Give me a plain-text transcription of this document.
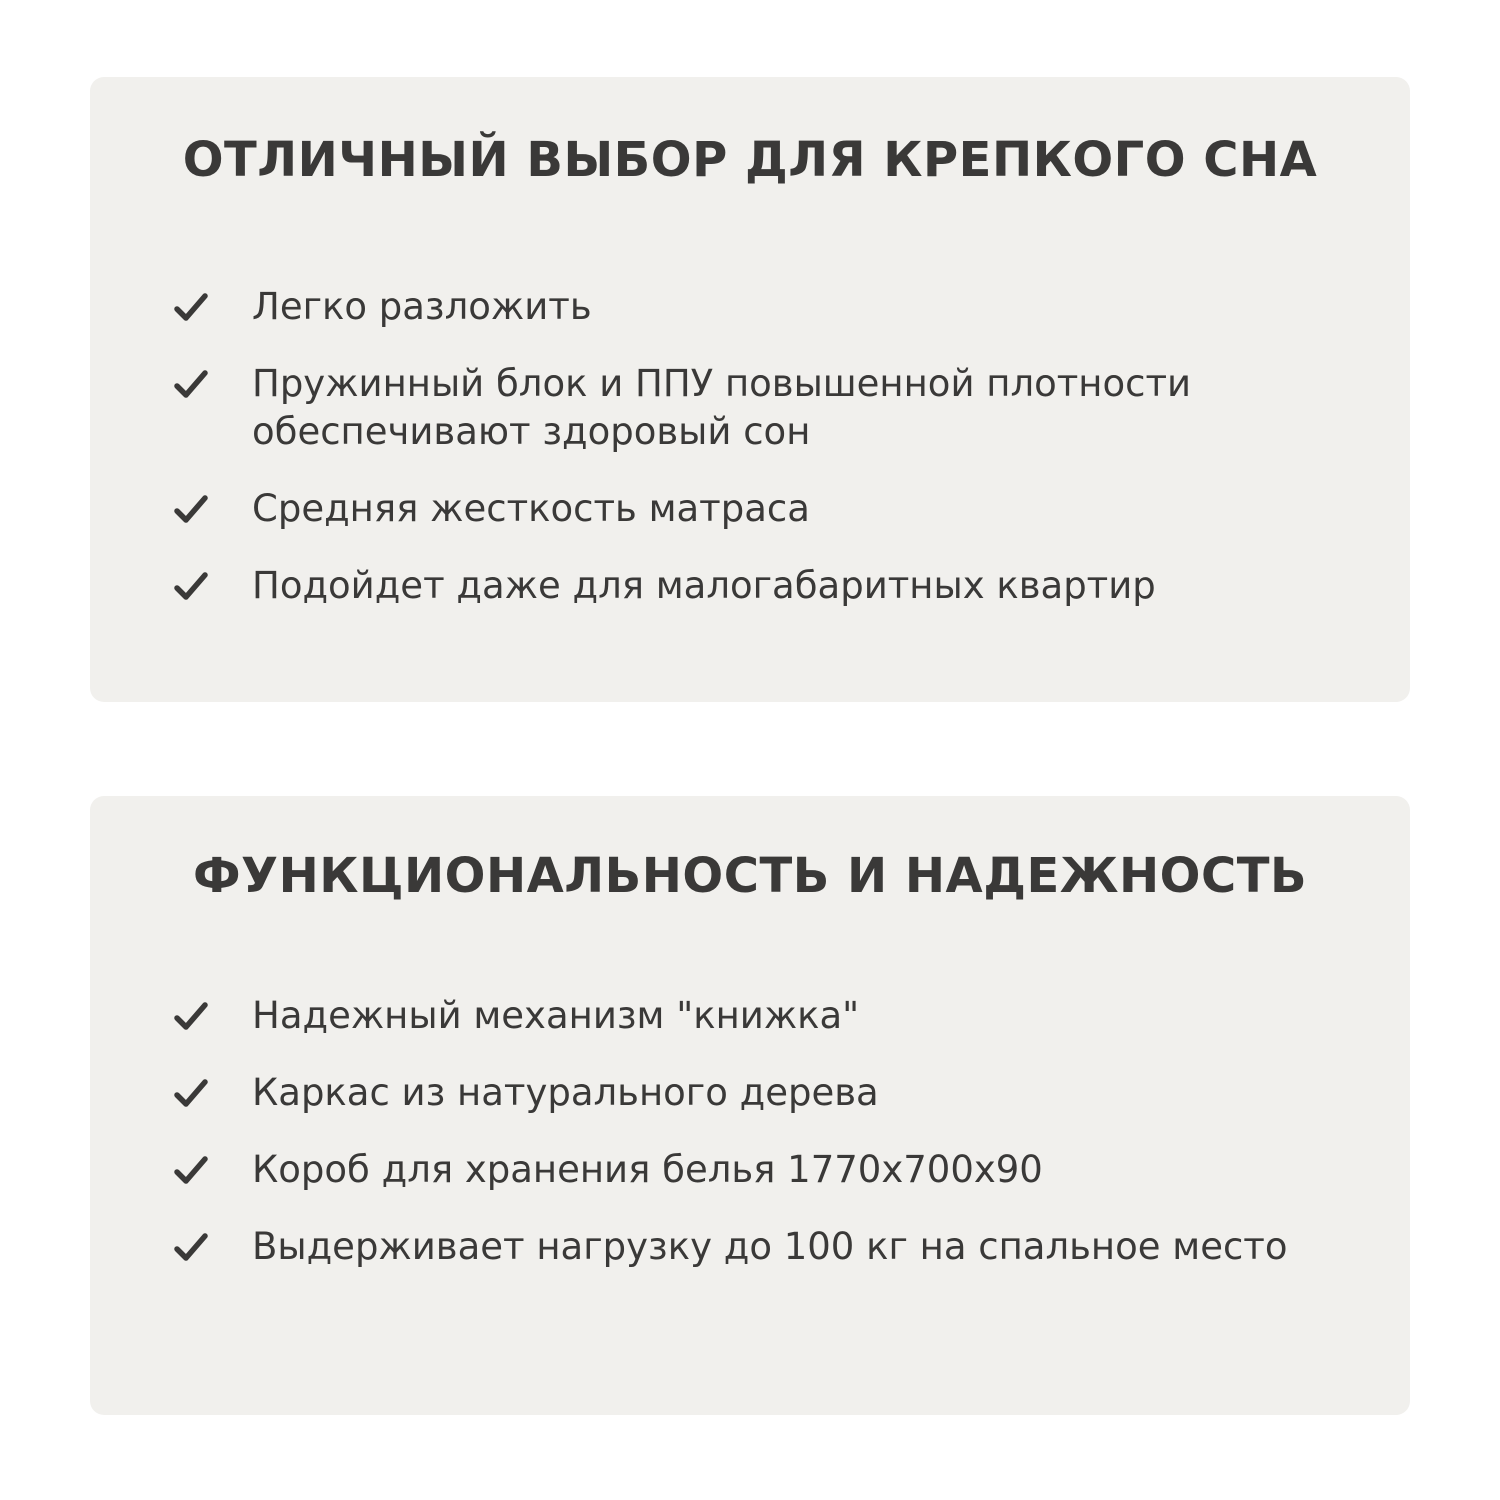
ОТЛИЧНЫЙ ВЫБОР ДЛЯ КРЕПКОГО СНА
Легко разложить
Пружинный блок и ППУ повышенной плотности
обеспечивают здоровый сон
Средняя жесткость матраса
Подойдет даже для малогабаритных квартир
ФУНКЦИОНАЛЬНОСТЬ И НАДЕЖНОСТЬ
Надежный механизм "книжка"
Каркас из натурального дерева
Короб для хранения белья 1770х700х90
Выдерживает нагрузку до 100 кг на спальное место
